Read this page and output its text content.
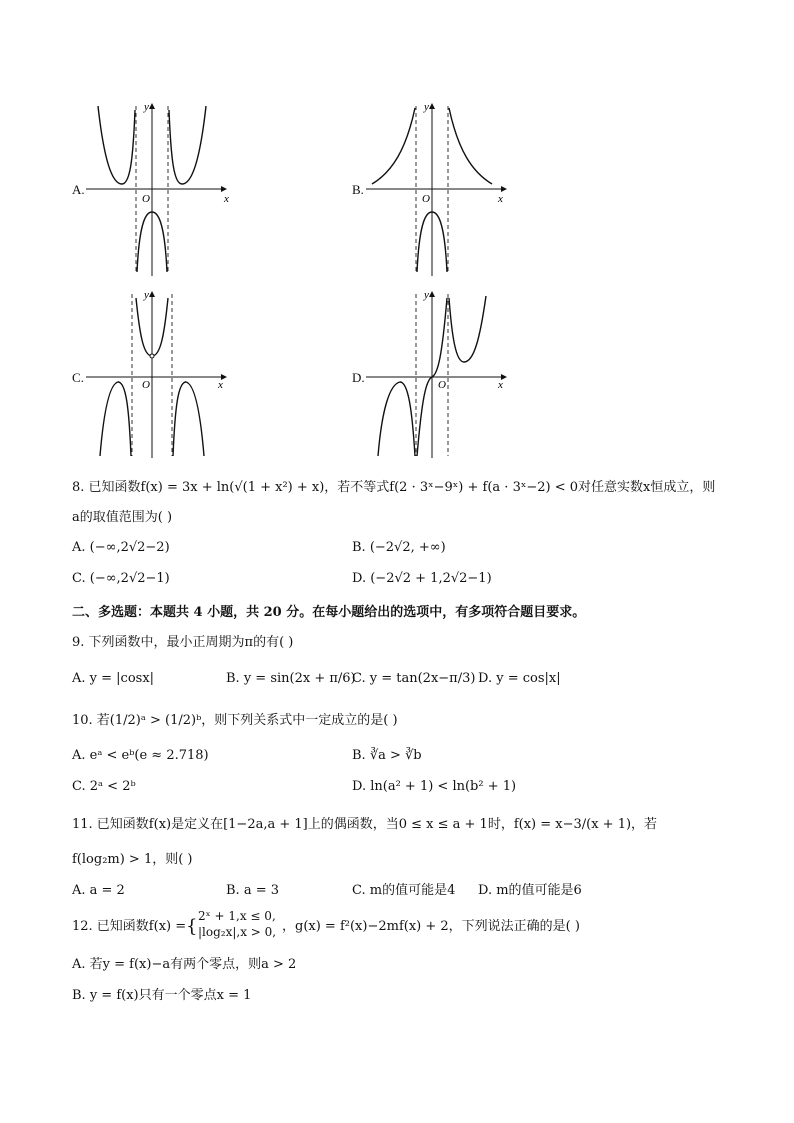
A.
x
y
O
B.
x
y
O
C.	x
y
O	D.	x
y
O
8. 已知函数f(x) = 3x + ln(√(1 + x²) + x)，若不等式f(2 · 3ˣ−9ˣ) + f(a · 3ˣ−2) < 0对任意实数x恒成立，则
a的取值范围为( )
A. (−∞,2√2−2)	B. (−2√2, +∞)
C. (−∞,2√2−1)	D. (−2√2 + 1,2√2−1)
二、多选题：本题共 4 小题，共 20 分。在每小题给出的选项中，有多项符合题目要求。
9. 下列函数中，最小正周期为π的有( )
A. y = |cosx|	B. y = sin(2x + π/6)
C. y = tan(2x−π/3) D. y = cos|x|
10. 若(1/2)ᵃ > (1/2)ᵇ，则下列关系式中一定成立的是( )
A. eᵃ < eᵇ(e ≈ 2.718)	B. ∛a > ∛b
C. 2ᵃ < 2ᵇ	D. ln(a² + 1) < ln(b² + 1)
11. 已知函数f(x)是定义在[1−2a,a + 1]上的偶函数，当0 ≤ x ≤ a + 1时，f(x) = x−3/(x + 1)，若
f(log₂m) > 1，则( )
A. a = 2	B. a = 3	C. m的值可能是4 D. m的值可能是6
12. 已知函数f(x) = { 2ˣ + 1,x ≤ 0,
|log₂x|,x > 0, ，g(x) = f²(x)−2mf(x) + 2，下列说法正确的是( )
A. 若y = f(x)−a有两个零点，则a > 2
B. y = f(x)只有一个零点x = 1
